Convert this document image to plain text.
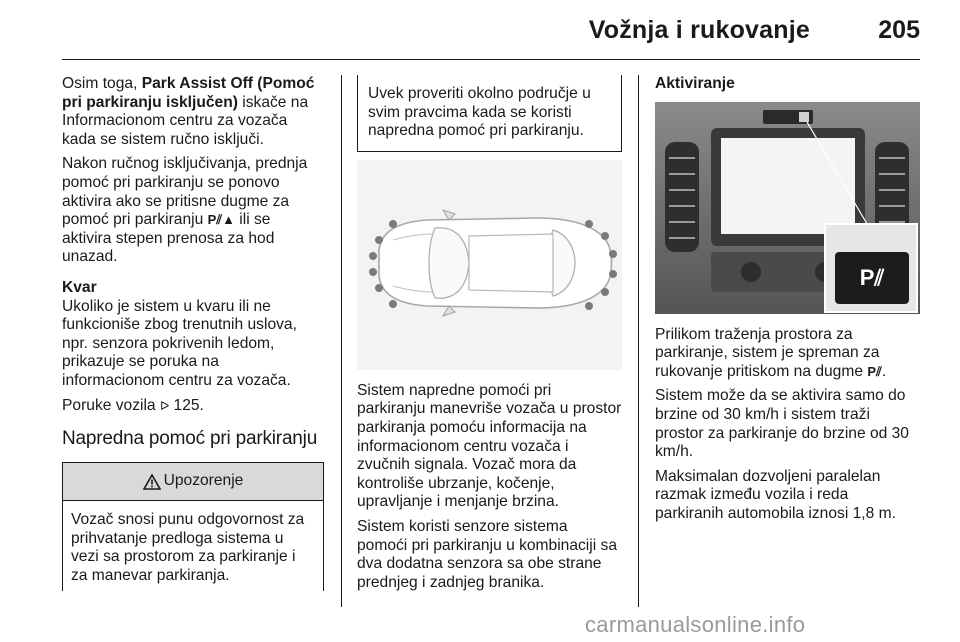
Vožnja i rukovanje	205

Osim toga, Park Assist Off (Pomoć pri parkiranju isključen) iskače na Informacionom centru za vozača kada se sistem ručno isključi.

Nakon ručnog isključivanja, prednja pomoć pri parkiranju se ponovo aktivira ako se pritisne dugme za pomoć pri parkiranju P⫽▲ ili se aktivira stepen prenosa za hod unazad.

Kvar

Ukoliko je sistem u kvaru ili ne funkcioniše zbog trenutnih uslova, npr. senzora pokrivenih ledom, prikazuje se poruka na informacionom centru za vozača.

Poruke vozila ᐅ 125.

Napredna pomoć pri parkiranju
Upozorenje
Vozač snosi punu odgovornost za prihvatanje predloga sistema u vezi sa prostorom za parkiranje i za manevar parkiranja.
Uvek proveriti okolno područje u svim pravcima kada se koristi napredna pomoć pri parkiranju.

Sistem napredne pomoći pri parkiranju manevriše vozača u prostor parkiranja pomoću informacija na informacionom centru vozača i zvučnih signala. Vozač mora da kontroliše ubrzanje, kočenje, upravljanje i menjanje brzina.

Sistem koristi senzore sistema pomoći pri parkiranju u kombinaciji sa dva dodatna senzora sa obe strane prednjeg i zadnjeg branika.

Aktiviranje

P⫽

Prilikom traženja prostora za parkiranje, sistem je spreman za rukovanje pritiskom na dugme P⫽.

Sistem može da se aktivira samo do brzine od 30 km/h i sistem traži prostor za parkiranje do brzine od 30 km/h.

Maksimalan dozvoljeni paralelan razmak između vozila i reda parkiranih automobila iznosi 1,8 m.

carmanualsonline.info
